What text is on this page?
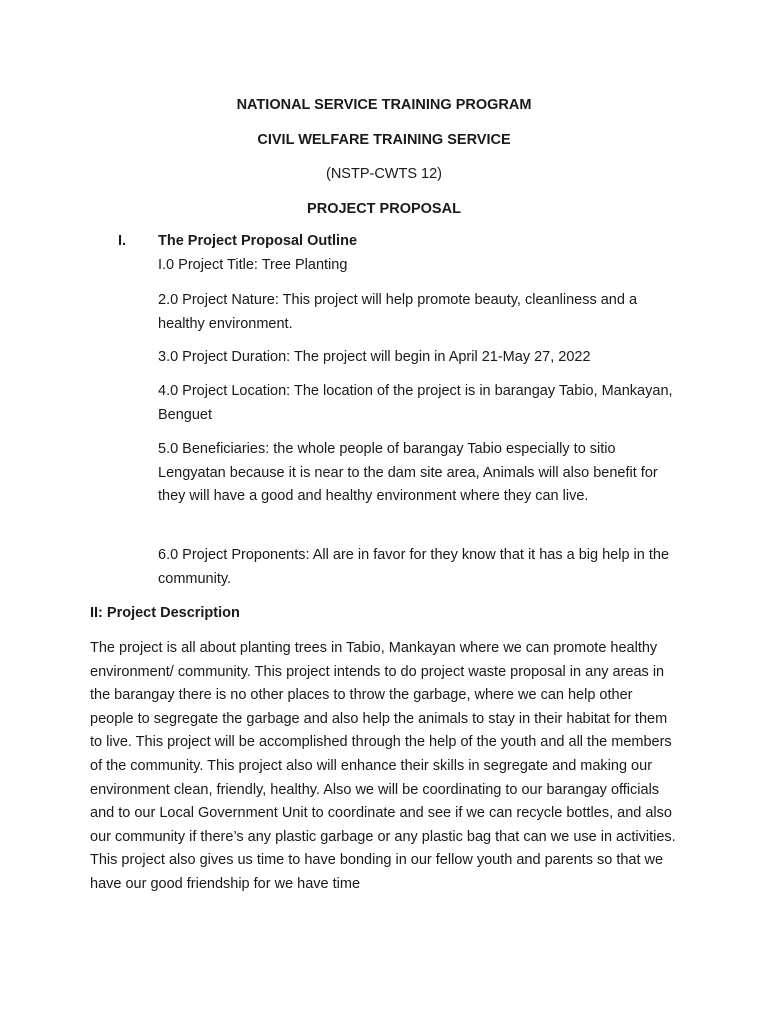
NATIONAL SERVICE TRAINING PROGRAM
CIVIL WELFARE TRAINING SERVICE
(NSTP-CWTS 12)
PROJECT PROPOSAL
I. The Project Proposal Outline
I.0 Project Title: Tree Planting
2.0 Project Nature: This project will help promote beauty, cleanliness and a healthy environment.
3.0 Project Duration: The project will begin in April 21-May 27, 2022
4.0 Project Location: The location of the project is in barangay Tabio, Mankayan, Benguet
5.0 Beneficiaries: the whole people of barangay Tabio especially to sitio Lengyatan because it is near to the dam site area, Animals will also benefit for they will have a good and healthy environment where they can live.
6.0 Project Proponents: All are in favor for they know that it has a big help in the community.
II: Project Description
The project is all about planting trees in Tabio, Mankayan where we can promote healthy environment/ community. This project intends to do project waste proposal in any areas in the barangay there is no other places to throw the garbage, where we can help other people to segregate the garbage and also help the animals to stay in their habitat for them to live. This project will be accomplished through the help of the youth and all the members of the community. This project also will enhance their skills in segregate and making our environment clean, friendly, healthy. Also we will be coordinating to our barangay officials and to our Local Government Unit to coordinate and see if we can recycle bottles, and also our community if there’s any plastic garbage or any plastic bag that can we use in activities. This project also gives us time to have bonding in our fellow youth and parents so that we have our good friendship for we have time
